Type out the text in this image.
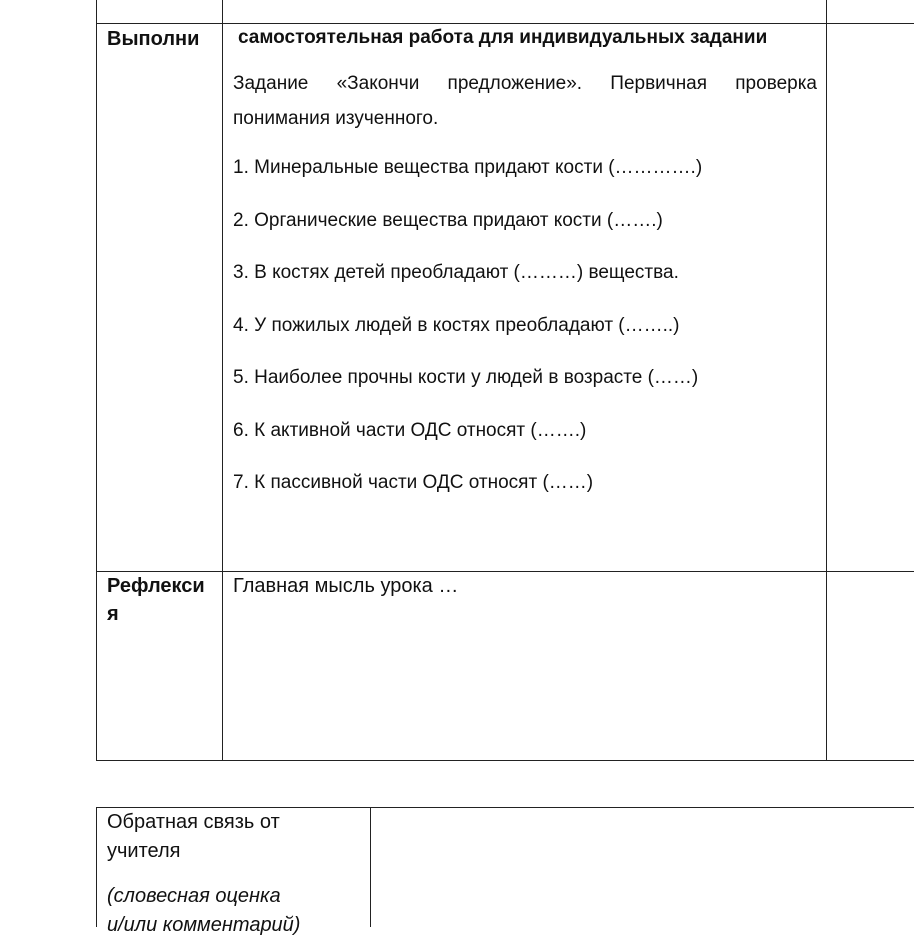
Выполни самостоятельная работа для индивидуальных задании
Задание «Закончи предложение». Первичная проверка
понимания изученного.
1. Минеральные вещества придают кости (………….)
2. Органические вещества придают кости (…….)
3. В костях детей преобладают (………) вещества.
4. У пожилых людей в костях преобладают (……..)
5. Наиболее прочны кости у людей в возрасте (……)
6. К активной части ОДС относят (…….)
7. К пассивной части ОДС относят (……)
Рефлекси
я
Главная мысль урока …
Обратная связь от
учителя
(словесная оценка
и/или комментарий)
